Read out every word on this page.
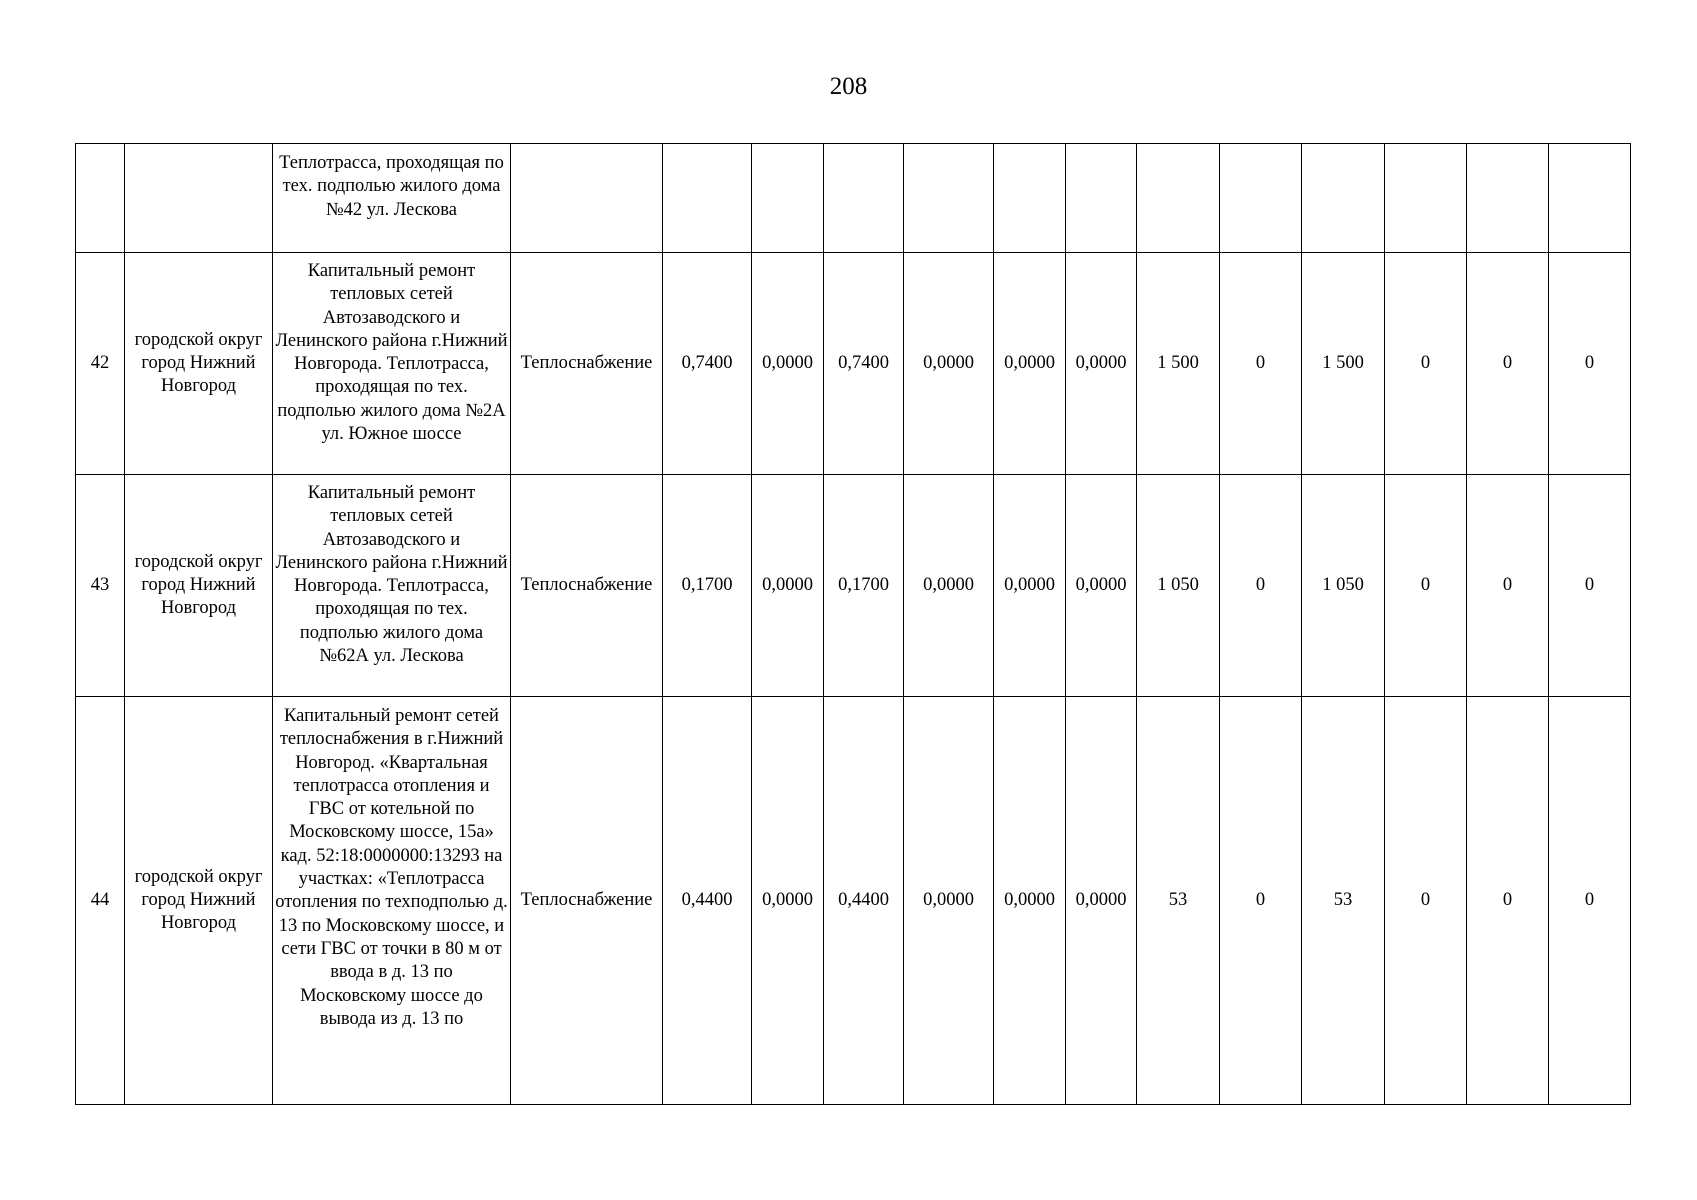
208
		Теплотрасса, проходящая по тех. подполью жилого дома №42 ул. Лескова													
42	городской округ город Нижний Новгород	Капитальный ремонт тепловых сетей Автозаводского и Ленинского района г.Нижний Новгорода. Теплотрасса, проходящая по тех. подполью жилого дома №2А ул. Южное шоссе	Теплоснабжение	0,7400	0,0000	0,7400	0,0000	0,0000	0,0000	1 500	0	1 500	0	0	0
43	городской округ город Нижний Новгород	Капитальный ремонт тепловых сетей Автозаводского и Ленинского района г.Нижний Новгорода. Теплотрасса, проходящая по тех. подполью жилого дома №62А ул. Лескова	Теплоснабжение	0,1700	0,0000	0,1700	0,0000	0,0000	0,0000	1 050	0	1 050	0	0	0
44	городской округ город Нижний Новгород	Капитальный ремонт сетей теплоснабжения в г.Нижний Новгород. «Квартальная теплотрасса отопления и ГВС от котельной по Московскому шоссе, 15а» кад. 52:18:0000000:13293 на участках: «Теплотрасса отопления по техподполью д. 13 по Московскому шоссе, и сети ГВС от точки в 80 м от ввода в д. 13 по Московскому шоссе до вывода из д. 13 по	Теплоснабжение	0,4400	0,0000	0,4400	0,0000	0,0000	0,0000	53	0	53	0	0	0
